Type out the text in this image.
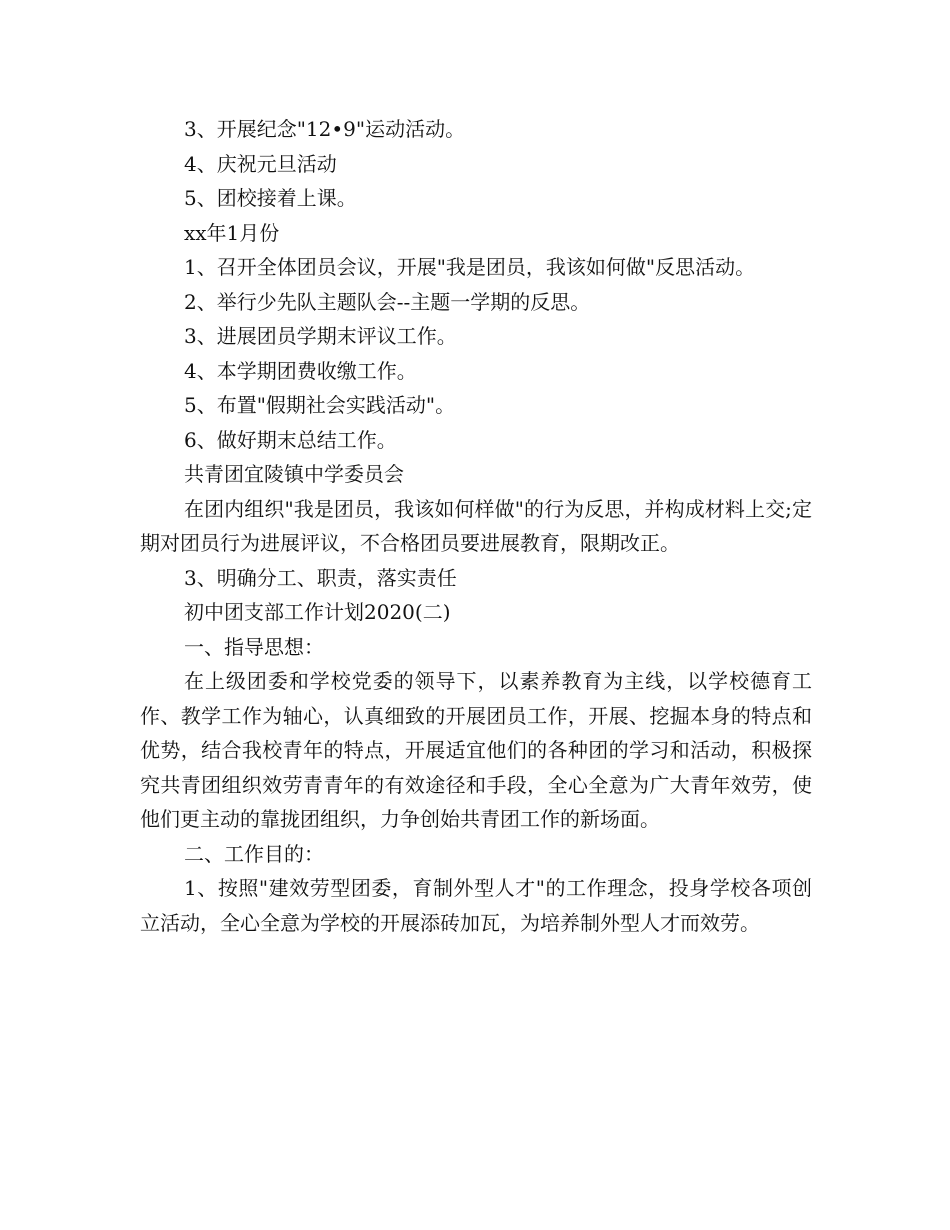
3、开展纪念"12•9"运动活动。

4、庆祝元旦活动

5、团校接着上课。

xx年1月份

1、召开全体团员会议，开展"我是团员，我该如何做"反思活动。

2、举行少先队主题队会--主题一学期的反思。

3、进展团员学期末评议工作。

4、本学期团费收缴工作。

5、布置"假期社会实践活动"。

6、做好期末总结工作。

共青团宜陵镇中学委员会

在团内组织"我是团员，我该如何样做"的行为反思，并构成材料上交;定期对团员行为进展评议，不合格团员要进展教育，限期改正。

3、明确分工、职责，落实责任

初中团支部工作计划2020(二)

一、指导思想：

在上级团委和学校党委的领导下，以素养教育为主线，以学校德育工作、教学工作为轴心，认真细致的开展团员工作，开展、挖掘本身的特点和优势，结合我校青年的特点，开展适宜他们的各种团的学习和活动，积极探究共青团组织效劳青青年的有效途径和手段，全心全意为广大青年效劳，使他们更主动的靠拢团组织，力争创始共青团工作的新场面。

二、工作目的：

1、按照"建效劳型团委，育制外型人才"的工作理念，投身学校各项创立活动，全心全意为学校的开展添砖加瓦，为培养制外型人才而效劳。
